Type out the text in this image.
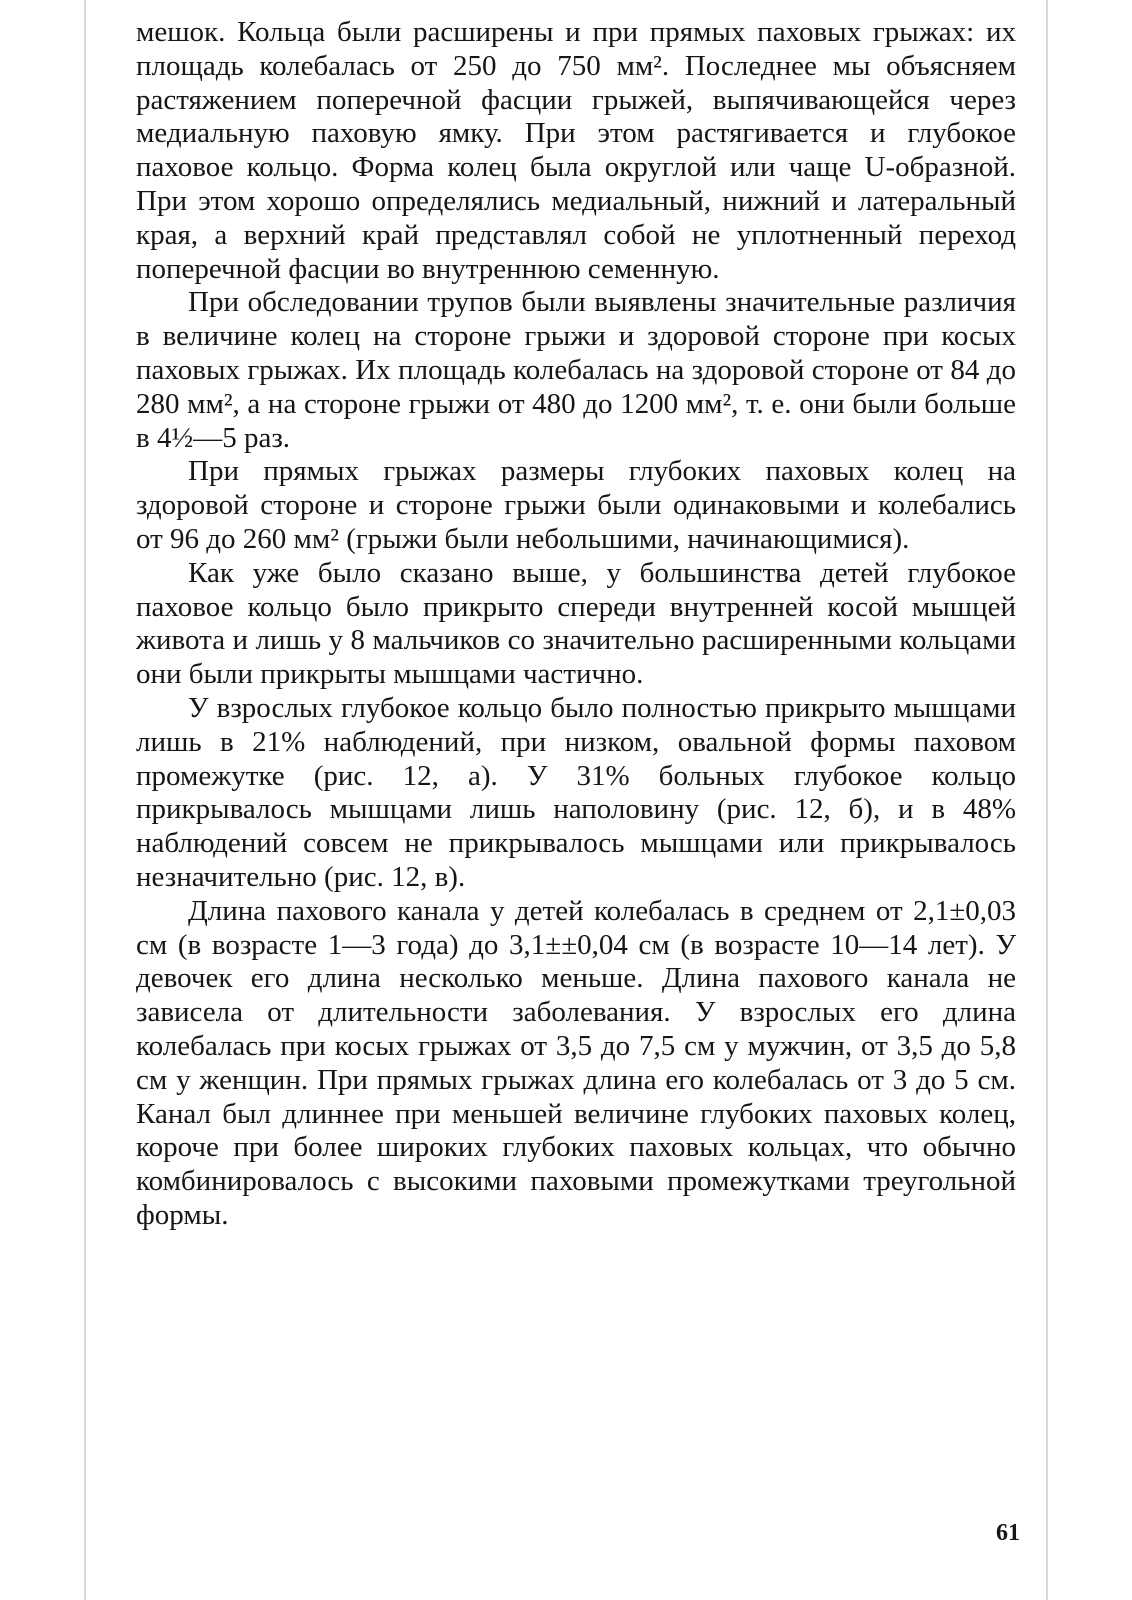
мешок. Кольца были расширены и при прямых паховых грыжах: их площадь колебалась от 250 до 750 мм². Последнее мы объясняем растяжением поперечной фасции грыжей, выпячивающейся через медиальную паховую ямку. При этом растягивается и глубокое паховое кольцо. Форма колец была округлой или чаще U-образной. При этом хорошо определялись медиальный, нижний и латеральный края, а верхний край представлял собой не уплотненный переход поперечной фасции во внутреннюю семенную.

При обследовании трупов были выявлены значительные различия в величине колец на стороне грыжи и здоровой стороне при косых паховых грыжах. Их площадь колебалась на здоровой стороне от 84 до 280 мм², а на стороне грыжи от 480 до 1200 мм², т. е. они были больше в 4½—5 раз.

При прямых грыжах размеры глубоких паховых колец на здоровой стороне и стороне грыжи были одинаковыми и колебались от 96 до 260 мм² (грыжи были небольшими, начинающимися).

Как уже было сказано выше, у большинства детей глубокое паховое кольцо было прикрыто спереди внутренней косой мышцей живота и лишь у 8 мальчиков со значительно расширенными кольцами они были прикрыты мышцами частично.

У взрослых глубокое кольцо было полностью прикрыто мышцами лишь в 21% наблюдений, при низком, овальной формы паховом промежутке (рис. 12, а). У 31% больных глубокое кольцо прикрывалось мышцами лишь наполовину (рис. 12, б), и в 48% наблюдений совсем не прикрывалось мышцами или прикрывалось незначительно (рис. 12, в).

Длина пахового канала у детей колебалась в среднем от 2,1±0,03 см (в возрасте 1—3 года) до 3,1±±0,04 см (в возрасте 10—14 лет). У девочек его длина несколько меньше. Длина пахового канала не зависела от длительности заболевания. У взрослых его длина колебалась при косых грыжах от 3,5 до 7,5 см у мужчин, от 3,5 до 5,8 см у женщин. При прямых грыжах длина его колебалась от 3 до 5 см. Канал был длиннее при меньшей величине глубоких паховых колец, короче при более широких глубоких паховых кольцах, что обычно комбинировалось с высокими паховыми промежутками треугольной формы.

61
